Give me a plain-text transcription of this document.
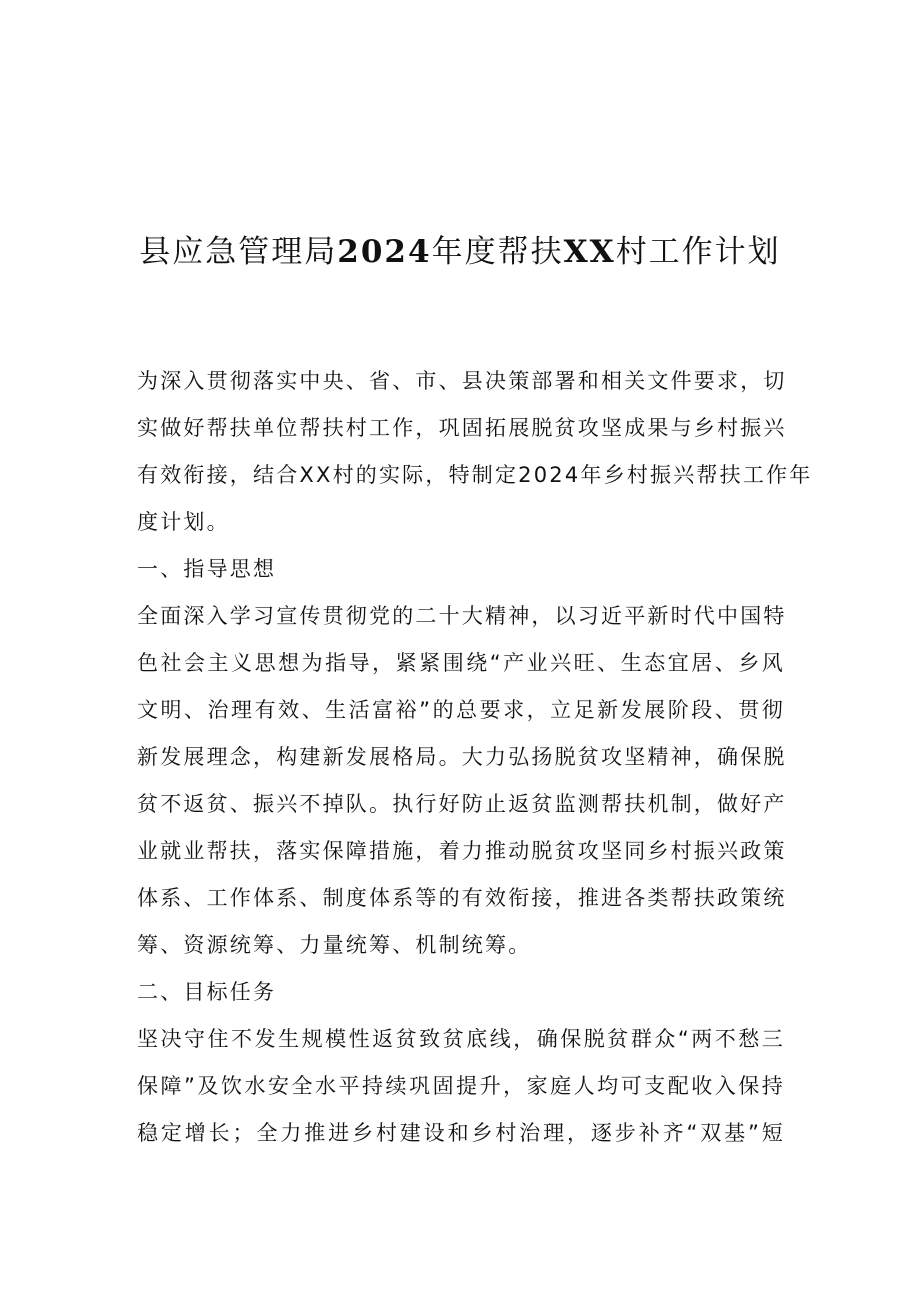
县应急管理局2024年度帮扶XX村工作计划
为深入贯彻落实中央、省、市、县决策部署和相关文件要求，切
实做好帮扶单位帮扶村工作，巩固拓展脱贫攻坚成果与乡村振兴
有效衔接，结合XX村的实际，特制定2024年乡村振兴帮扶工作年
度计划。
一、指导思想
全面深入学习宣传贯彻党的二十大精神，以习近平新时代中国特
色社会主义思想为指导，紧紧围绕“产业兴旺、生态宜居、乡风
文明、治理有效、生活富裕”的总要求，立足新发展阶段、贯彻
新发展理念，构建新发展格局。大力弘扬脱贫攻坚精神，确保脱
贫不返贫、振兴不掉队。执行好防止返贫监测帮扶机制，做好产
业就业帮扶，落实保障措施，着力推动脱贫攻坚同乡村振兴政策
体系、工作体系、制度体系等的有效衔接，推进各类帮扶政策统
筹、资源统筹、力量统筹、机制统筹。
二、目标任务
坚决守住不发生规模性返贫致贫底线，确保脱贫群众“两不愁三
保障”及饮水安全水平持续巩固提升，家庭人均可支配收入保持
稳定增长；全力推进乡村建设和乡村治理，逐步补齐“双基”短
